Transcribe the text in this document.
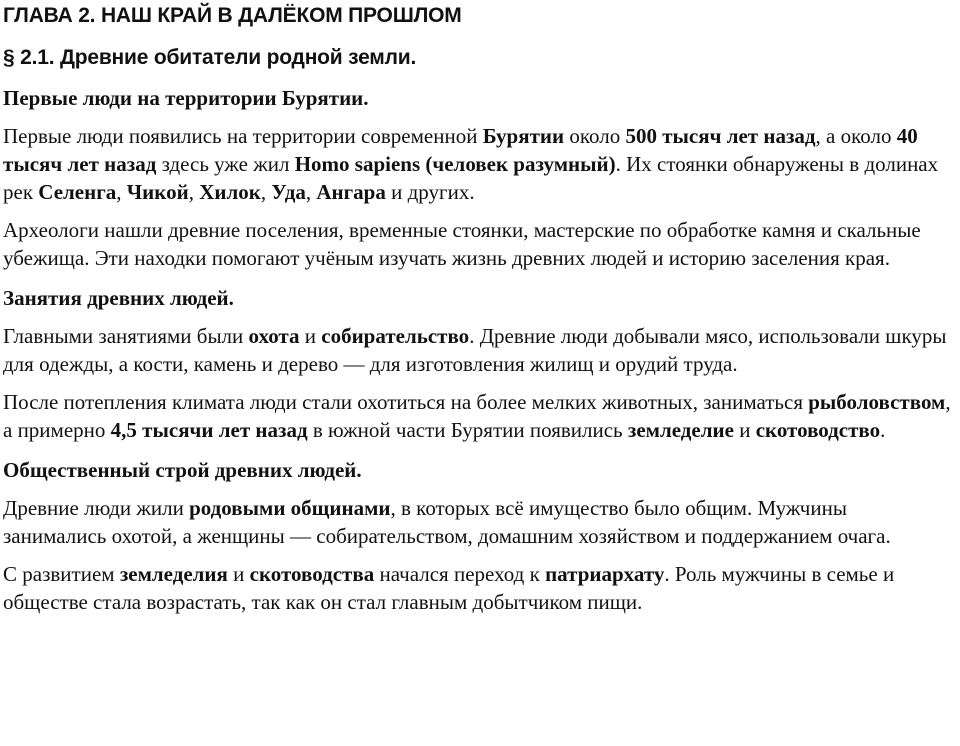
ГЛАВА 2. НАШ КРАЙ В ДАЛЁКОМ ПРОШЛОМ
§ 2.1. Древние обитатели родной земли.
Первые люди на территории Бурятии.

Первые люди появились на территории современной Бурятии около 500 тысяч лет назад, а около 40 тысяч лет назад здесь уже жил Homo sapiens (человек разумный). Их стоянки обнаружены в долинах рек Селенга, Чикой, Хилок, Уда, Ангара и других.

Археологи нашли древние поселения, временные стоянки, мастерские по обработке камня и скальные убежища. Эти находки помогают учёным изучать жизнь древних людей и историю заселения края.

Занятия древних людей.

Главными занятиями были охота и собирательство. Древние люди добывали мясо, использовали шкуры для одежды, а кости, камень и дерево — для изготовления жилищ и орудий труда.

После потепления климата люди стали охотиться на более мелких животных, заниматься рыболовством, а примерно 4,5 тысячи лет назад в южной части Бурятии появились земледелие и скотоводство.

Общественный строй древних людей.

Древние люди жили родовыми общинами, в которых всё имущество было общим. Мужчины занимались охотой, а женщины — собирательством, домашним хозяйством и поддержанием очага.

С развитием земледелия и скотоводства начался переход к патриархату. Роль мужчины в семье и обществе стала возрастать, так как он стал главным добытчиком пищи.
